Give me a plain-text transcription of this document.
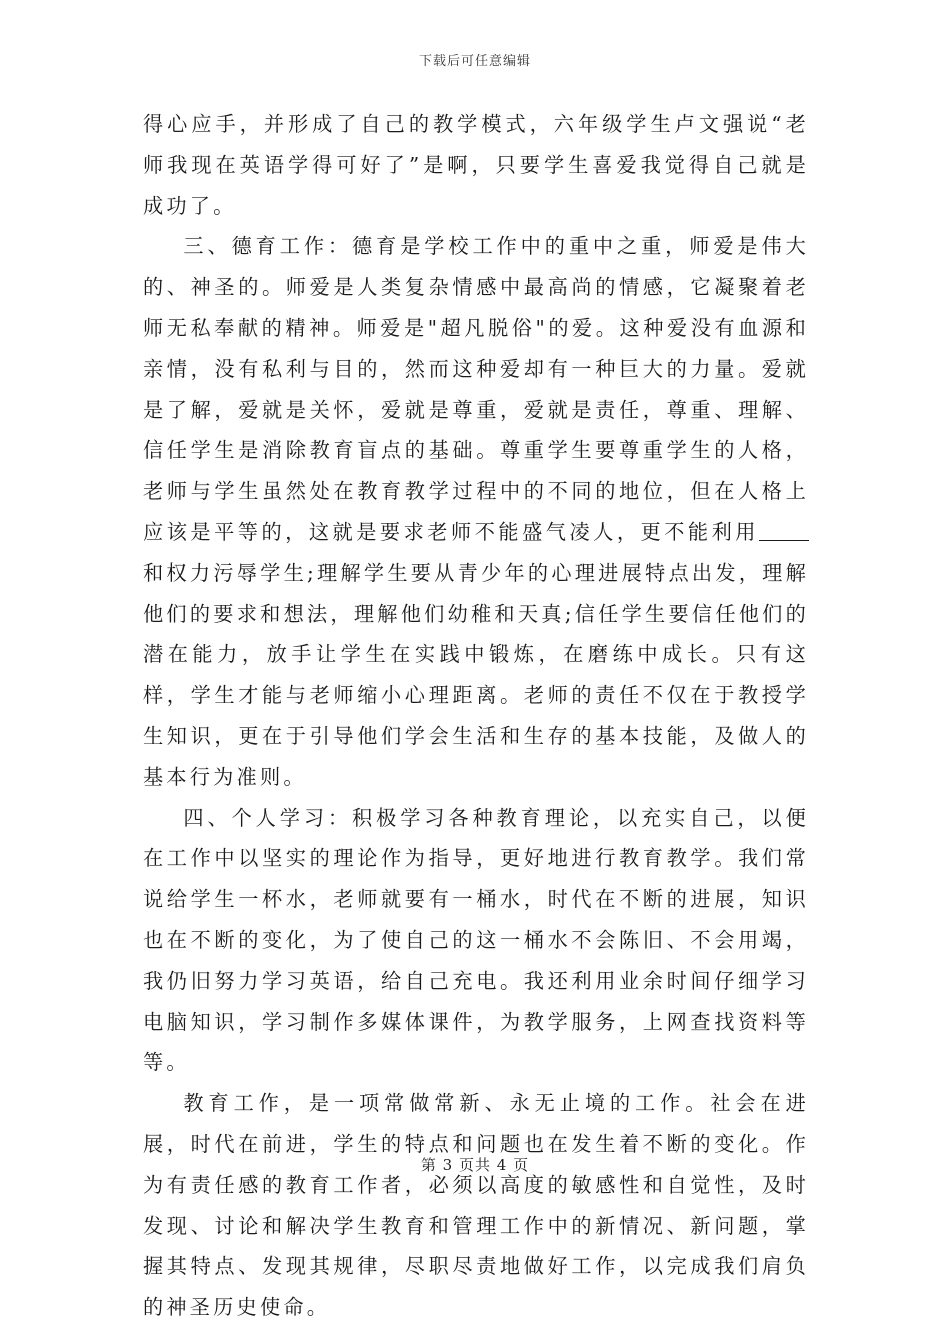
下载后可任意编辑

得心应手，并形成了自己的教学模式，六年级学生卢文强说“老师我现在英语学得可好了”是啊，只要学生喜爱我觉得自己就是成功了。

三、德育工作：德育是学校工作中的重中之重，师爱是伟大的、神圣的。师爱是人类复杂情感中最高尚的情感，它凝聚着老师无私奉献的精神。师爱是"超凡脱俗"的爱。这种爱没有血源和亲情，没有私利与目的，然而这种爱却有一种巨大的力量。爱就是了解，爱就是关怀，爱就是尊重，爱就是责任，尊重、理解、信任学生是消除教育盲点的基础。尊重学生要尊重学生的人格，老师与学生虽然处在教育教学过程中的不同的地位，但在人格上应该是平等的，这就是要求老师不能盛气凌人，更不能利用和权力污辱学生;理解学生要从青少年的心理进展特点出发，理解他们的要求和想法，理解他们幼稚和天真;信任学生要信任他们的潜在能力，放手让学生在实践中锻炼，在磨练中成长。只有这样，学生才能与老师缩小心理距离。老师的责任不仅在于教授学生知识，更在于引导他们学会生活和生存的基本技能，及做人的基本行为准则。

四、个人学习：积极学习各种教育理论，以充实自己，以便在工作中以坚实的理论作为指导，更好地进行教育教学。我们常说给学生一杯水，老师就要有一桶水，时代在不断的进展，知识也在不断的变化，为了使自己的这一桶水不会陈旧、不会用竭，我仍旧努力学习英语，给自己充电。我还利用业余时间仔细学习电脑知识，学习制作多媒体课件，为教学服务，上网查找资料等等。

教育工作，是一项常做常新、永无止境的工作。社会在进展，时代在前进，学生的特点和问题也在发生着不断的变化。作为有责任感的教育工作者，必须以高度的敏感性和自觉性，及时发现、讨论和解决学生教育和管理工作中的新情况、新问题，掌握其特点、发现其规律，尽职尽责地做好工作，以完成我们肩负的神圣历史使命。

第 3 页共 4 页
